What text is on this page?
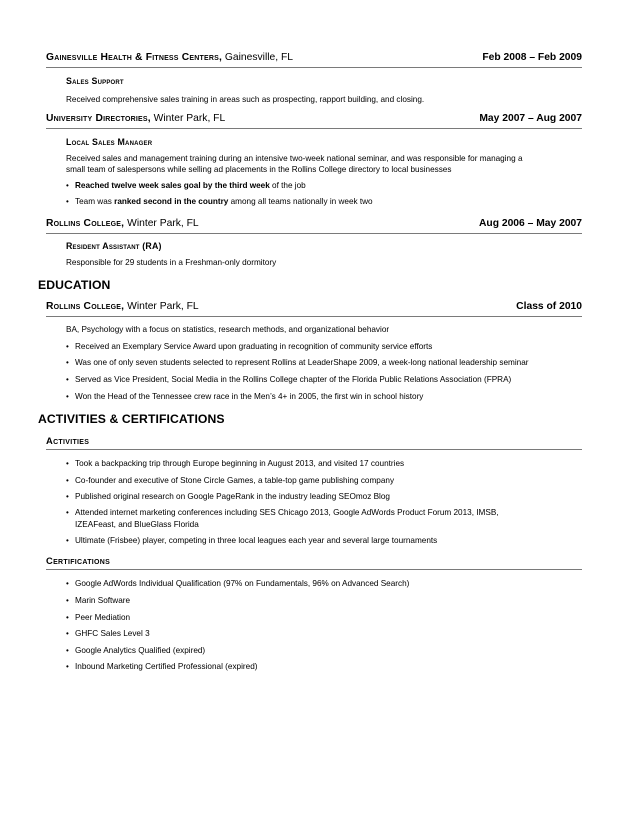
Gainesville Health & Fitness Centers, Gainesville, FL	Feb 2008 – Feb 2009
Sales Support
Received comprehensive sales training in areas such as prospecting, rapport building, and closing.
University Directories, Winter Park, FL	May 2007 – Aug 2007
Local Sales Manager
Received sales and management training during an intensive two-week national seminar, and was responsible for managing a
small team of salespersons while selling ad placements in the Rollins College directory to local businesses
• Reached twelve week sales goal by the third week of the job
• Team was ranked second in the country among all teams nationally in week two
Rollins College, Winter Park, FL	Aug 2006 – May 2007
Resident Assistant (RA)
Responsible for 29 students in a Freshman-only dormitory
EDUCATION
Rollins College, Winter Park, FL	Class of 2010
BA, Psychology with a focus on statistics, research methods, and organizational behavior
• Received an Exemplary Service Award upon graduating in recognition of community service efforts
• Was one of only seven students selected to represent Rollins at LeaderShape 2009, a week-long national leadership seminar
• Served as Vice President, Social Media in the Rollins College chapter of the Florida Public Relations Association (FPRA)
• Won the Head of the Tennessee crew race in the Men’s 4+ in 2005, the first win in school history
ACTIVITIES & CERTIFICATIONS
Activities
• Took a backpacking trip through Europe beginning in August 2013, and visited 17 countries
• Co-founder and executive of Stone Circle Games, a table-top game publishing company
• Published original research on Google PageRank in the industry leading SEOmoz Blog
• Attended internet marketing conferences including SES Chicago 2013, Google AdWords Product Forum 2013, IMSB,
IZEAFeast, and BlueGlass Florida
• Ultimate (Frisbee) player, competing in three local leagues each year and several large tournaments
Certifications
• Google AdWords Individual Qualification (97% on Fundamentals, 96% on Advanced Search)
• Marin Software
• Peer Mediation
• GHFC Sales Level 3
• Google Analytics Qualified (expired)
• Inbound Marketing Certified Professional (expired)
